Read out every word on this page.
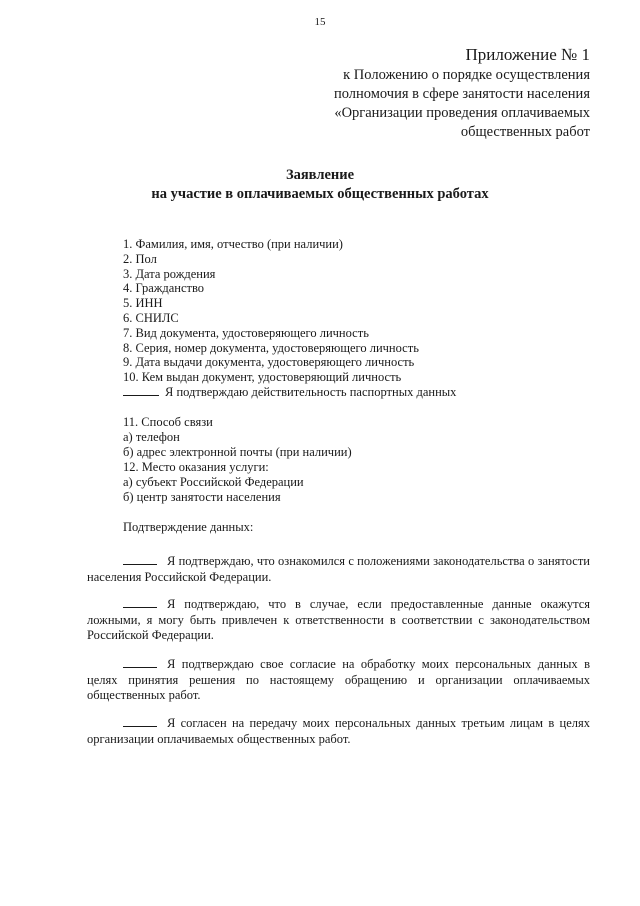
15
Приложение № 1
к Положению о порядке осуществления
полномочия в сфере занятости населения
«Организации проведения оплачиваемых
общественных работ
Заявление
на участие в оплачиваемых общественных работах
1. Фамилия, имя, отчество (при наличии)
2. Пол
3. Дата рождения
4. Гражданство
5. ИНН
6. СНИЛС
7. Вид документа, удостоверяющего личность
8. Серия, номер документа, удостоверяющего личность
9. Дата выдачи документа, удостоверяющего личность
10. Кем выдан документ, удостоверяющий личность
Я подтверждаю действительность паспортных данных
11. Способ связи
а) телефон
б) адрес электронной почты (при наличии)
12. Место оказания услуги:
а) субъект Российской Федерации
б) центр занятости населения
Подтверждение данных:
Я подтверждаю, что ознакомился с положениями законодательства о занятости населения Российской Федерации.
Я подтверждаю, что в случае, если предоставленные данные окажутся ложными, я могу быть привлечен к ответственности в соответствии с законодательством Российской Федерации.
Я подтверждаю свое согласие на обработку моих персональных данных в целях принятия решения по настоящему обращению и организации оплачиваемых общественных работ.
Я согласен на передачу моих персональных данных третьим лицам в целях организации оплачиваемых общественных работ.
